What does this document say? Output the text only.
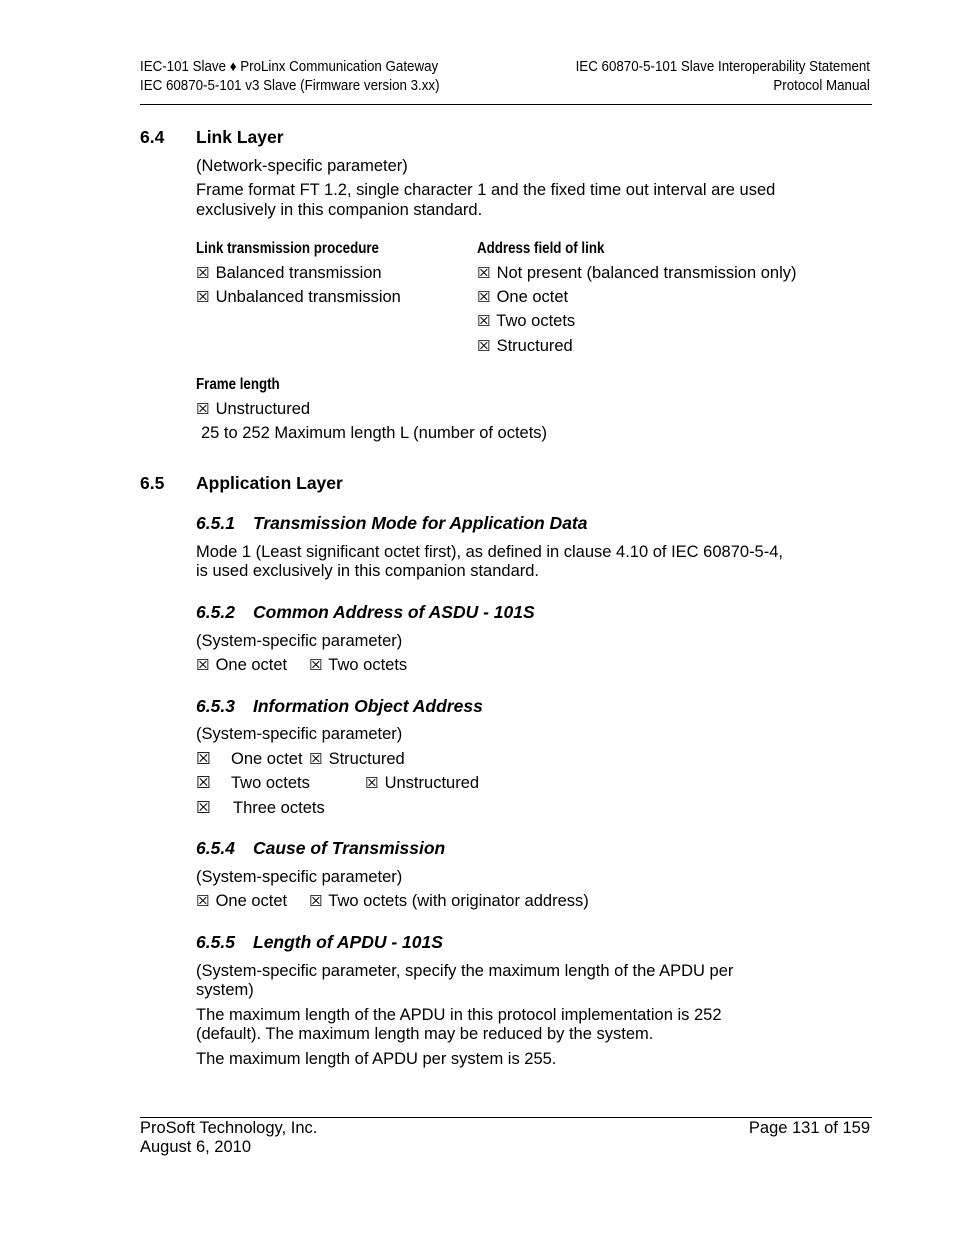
IEC-101 Slave ♦ ProLinx Communication Gateway
IEC 60870-5-101 v3 Slave (Firmware version 3.xx)
IEC 60870-5-101 Slave Interoperability Statement
Protocol Manual
6.4 Link Layer
(Network-specific parameter)
Frame format FT 1.2, single character 1 and the fixed time out interval are used
exclusively in this companion standard.
Link transmission procedure
☒ Balanced transmission
☒ Unbalanced transmission
Address field of link
☒ Not present (balanced transmission only)
☒ One octet
☒ Two octets
☒ Structured
Frame length
☒ Unstructured
25 to 252 Maximum length L (number of octets)
6.5 Application Layer
6.5.1 Transmission Mode for Application Data
Mode 1 (Least significant octet first), as defined in clause 4.10 of IEC 60870-5-4,
is used exclusively in this companion standard.
6.5.2 Common Address of ASDU - 101S
(System-specific parameter)
☒ One octet ☒ Two octets
6.5.3 Information Object Address
(System-specific parameter)
☒ One octet ☒ Structured
☒ Two octets	☒ Unstructured
☒ Three octets
6.5.4 Cause of Transmission
(System-specific parameter)
☒ One octet ☒ Two octets (with originator address)
6.5.5 Length of APDU - 101S
(System-specific parameter, specify the maximum length of the APDU per
system)
The maximum length of the APDU in this protocol implementation is 252
(default). The maximum length may be reduced by the system.
The maximum length of APDU per system is 255.
ProSoft Technology, Inc.
August 6, 2010
Page 131 of 159
